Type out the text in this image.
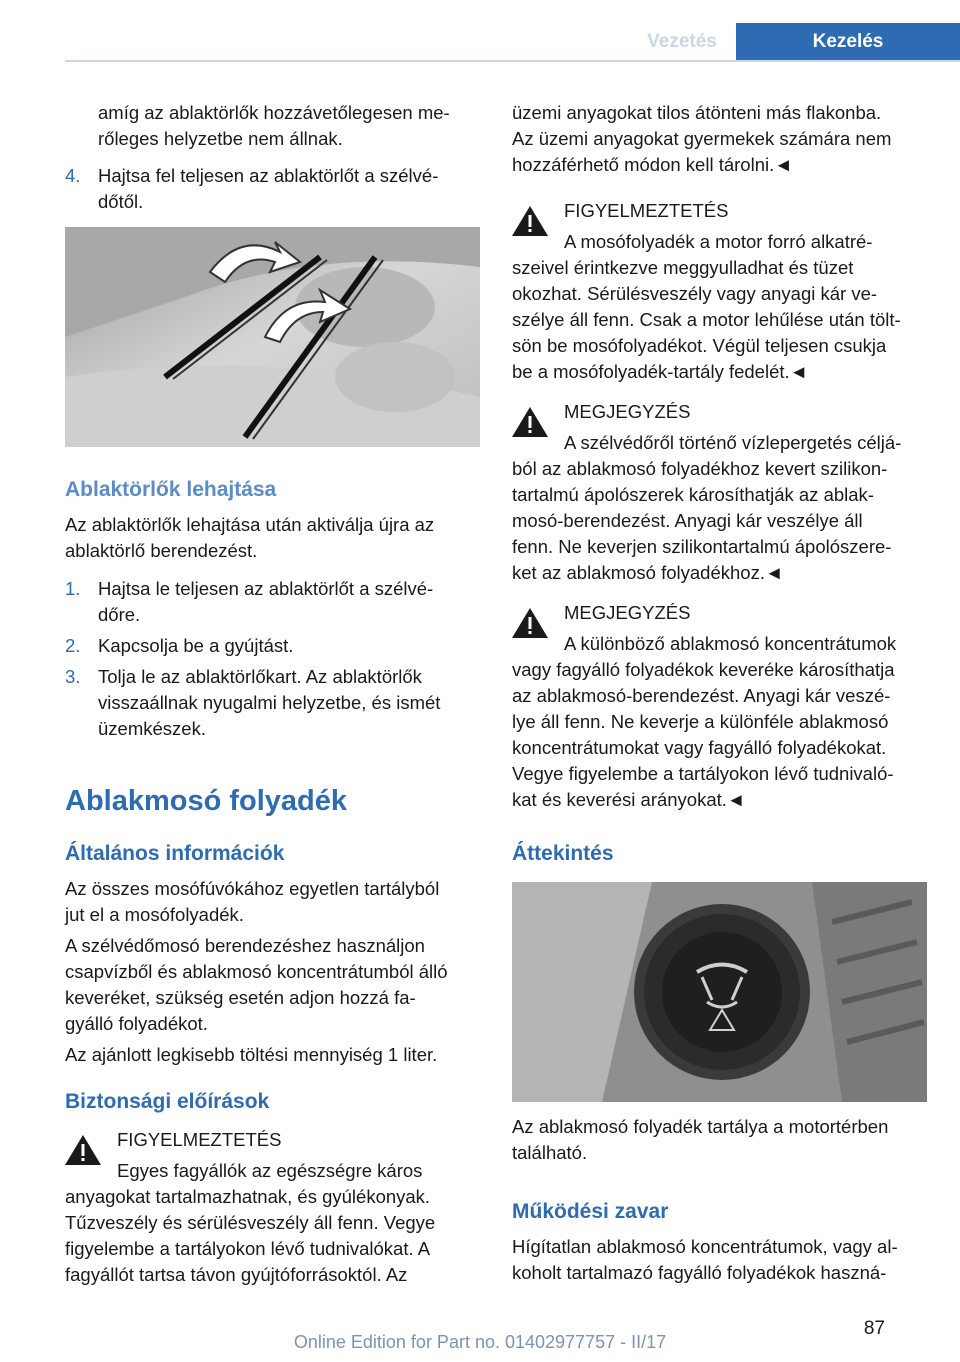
Vezetés	Kezelés
amíg az ablaktörlők hozzávetőlegesen me-
rőleges helyzetbe nem állnak.
4. Hajtsa fel teljesen az ablaktörlőt a szélvé-
dőtől.
Ablaktörlők lehajtása
Az ablaktörlők lehajtása után aktiválja újra az
ablaktörlő berendezést.
1. Hajtsa le teljesen az ablaktörlőt a szélvé-
dőre.
2. Kapcsolja be a gyújtást.
3. Tolja le az ablaktörlőkart. Az ablaktörlők
visszaállnak nyugalmi helyzetbe, és ismét
üzemkészek.
Ablakmosó folyadék
Általános információk
Az összes mosófúvókához egyetlen tartályból
jut el a mosófolyadék.
A szélvédőmosó berendezéshez használjon
csapvízből és ablakmosó koncentrátumból álló
keveréket, szükség esetén adjon hozzá fa-
gyálló folyadékot.
Az ajánlott legkisebb töltési mennyiség 1 liter.
Biztonsági előírások
FIGYELMEZTETÉS
Egyes fagyállók az egészségre káros
anyagokat tartalmazhatnak, és gyúlékonyak.
Tűzveszély és sérülésveszély áll fenn. Vegye
figyelembe a tartályokon lévő tudnivalókat. A
fagyállót tartsa távon gyújtóforrásoktól. Az
üzemi anyagokat tilos átönteni más flakonba.
Az üzemi anyagokat gyermekek számára nem
hozzáférhető módon kell tárolni.◄
FIGYELMEZTETÉS
A mosófolyadék a motor forró alkatré-
szeivel érintkezve meggyulladhat és tüzet
okozhat. Sérülésveszély vagy anyagi kár ve-
szélye áll fenn. Csak a motor lehűlése után tölt-
sön be mosófolyadékot. Végül teljesen csukja
be a mosófolyadék-tartály fedelét.◄
MEGJEGYZÉS
A szélvédőről történő vízlepergetés céljá-
ból az ablakmosó folyadékhoz kevert szilikon-
tartalmú ápolószerek károsíthatják az ablak-
mosó-berendezést. Anyagi kár veszélye áll
fenn. Ne keverjen szilikontartalmú ápolószere-
ket az ablakmosó folyadékhoz.◄
MEGJEGYZÉS
A különböző ablakmosó koncentrátumok
vagy fagyálló folyadékok keveréke károsíthatja
az ablakmosó-berendezést. Anyagi kár veszé-
lye áll fenn. Ne keverje a különféle ablakmosó
koncentrátumokat vagy fagyálló folyadékokat.
Vegye figyelembe a tartályokon lévő tudnivaló-
kat és keverési arányokat.◄
Áttekintés
Az ablakmosó folyadék tartálya a motortérben
található.
Működési zavar
Hígítatlan ablakmosó koncentrátumok, vagy al-
koholt tartalmazó fagyálló folyadékok haszná-
87
Online Edition for Part no. 01402977757 - II/17
